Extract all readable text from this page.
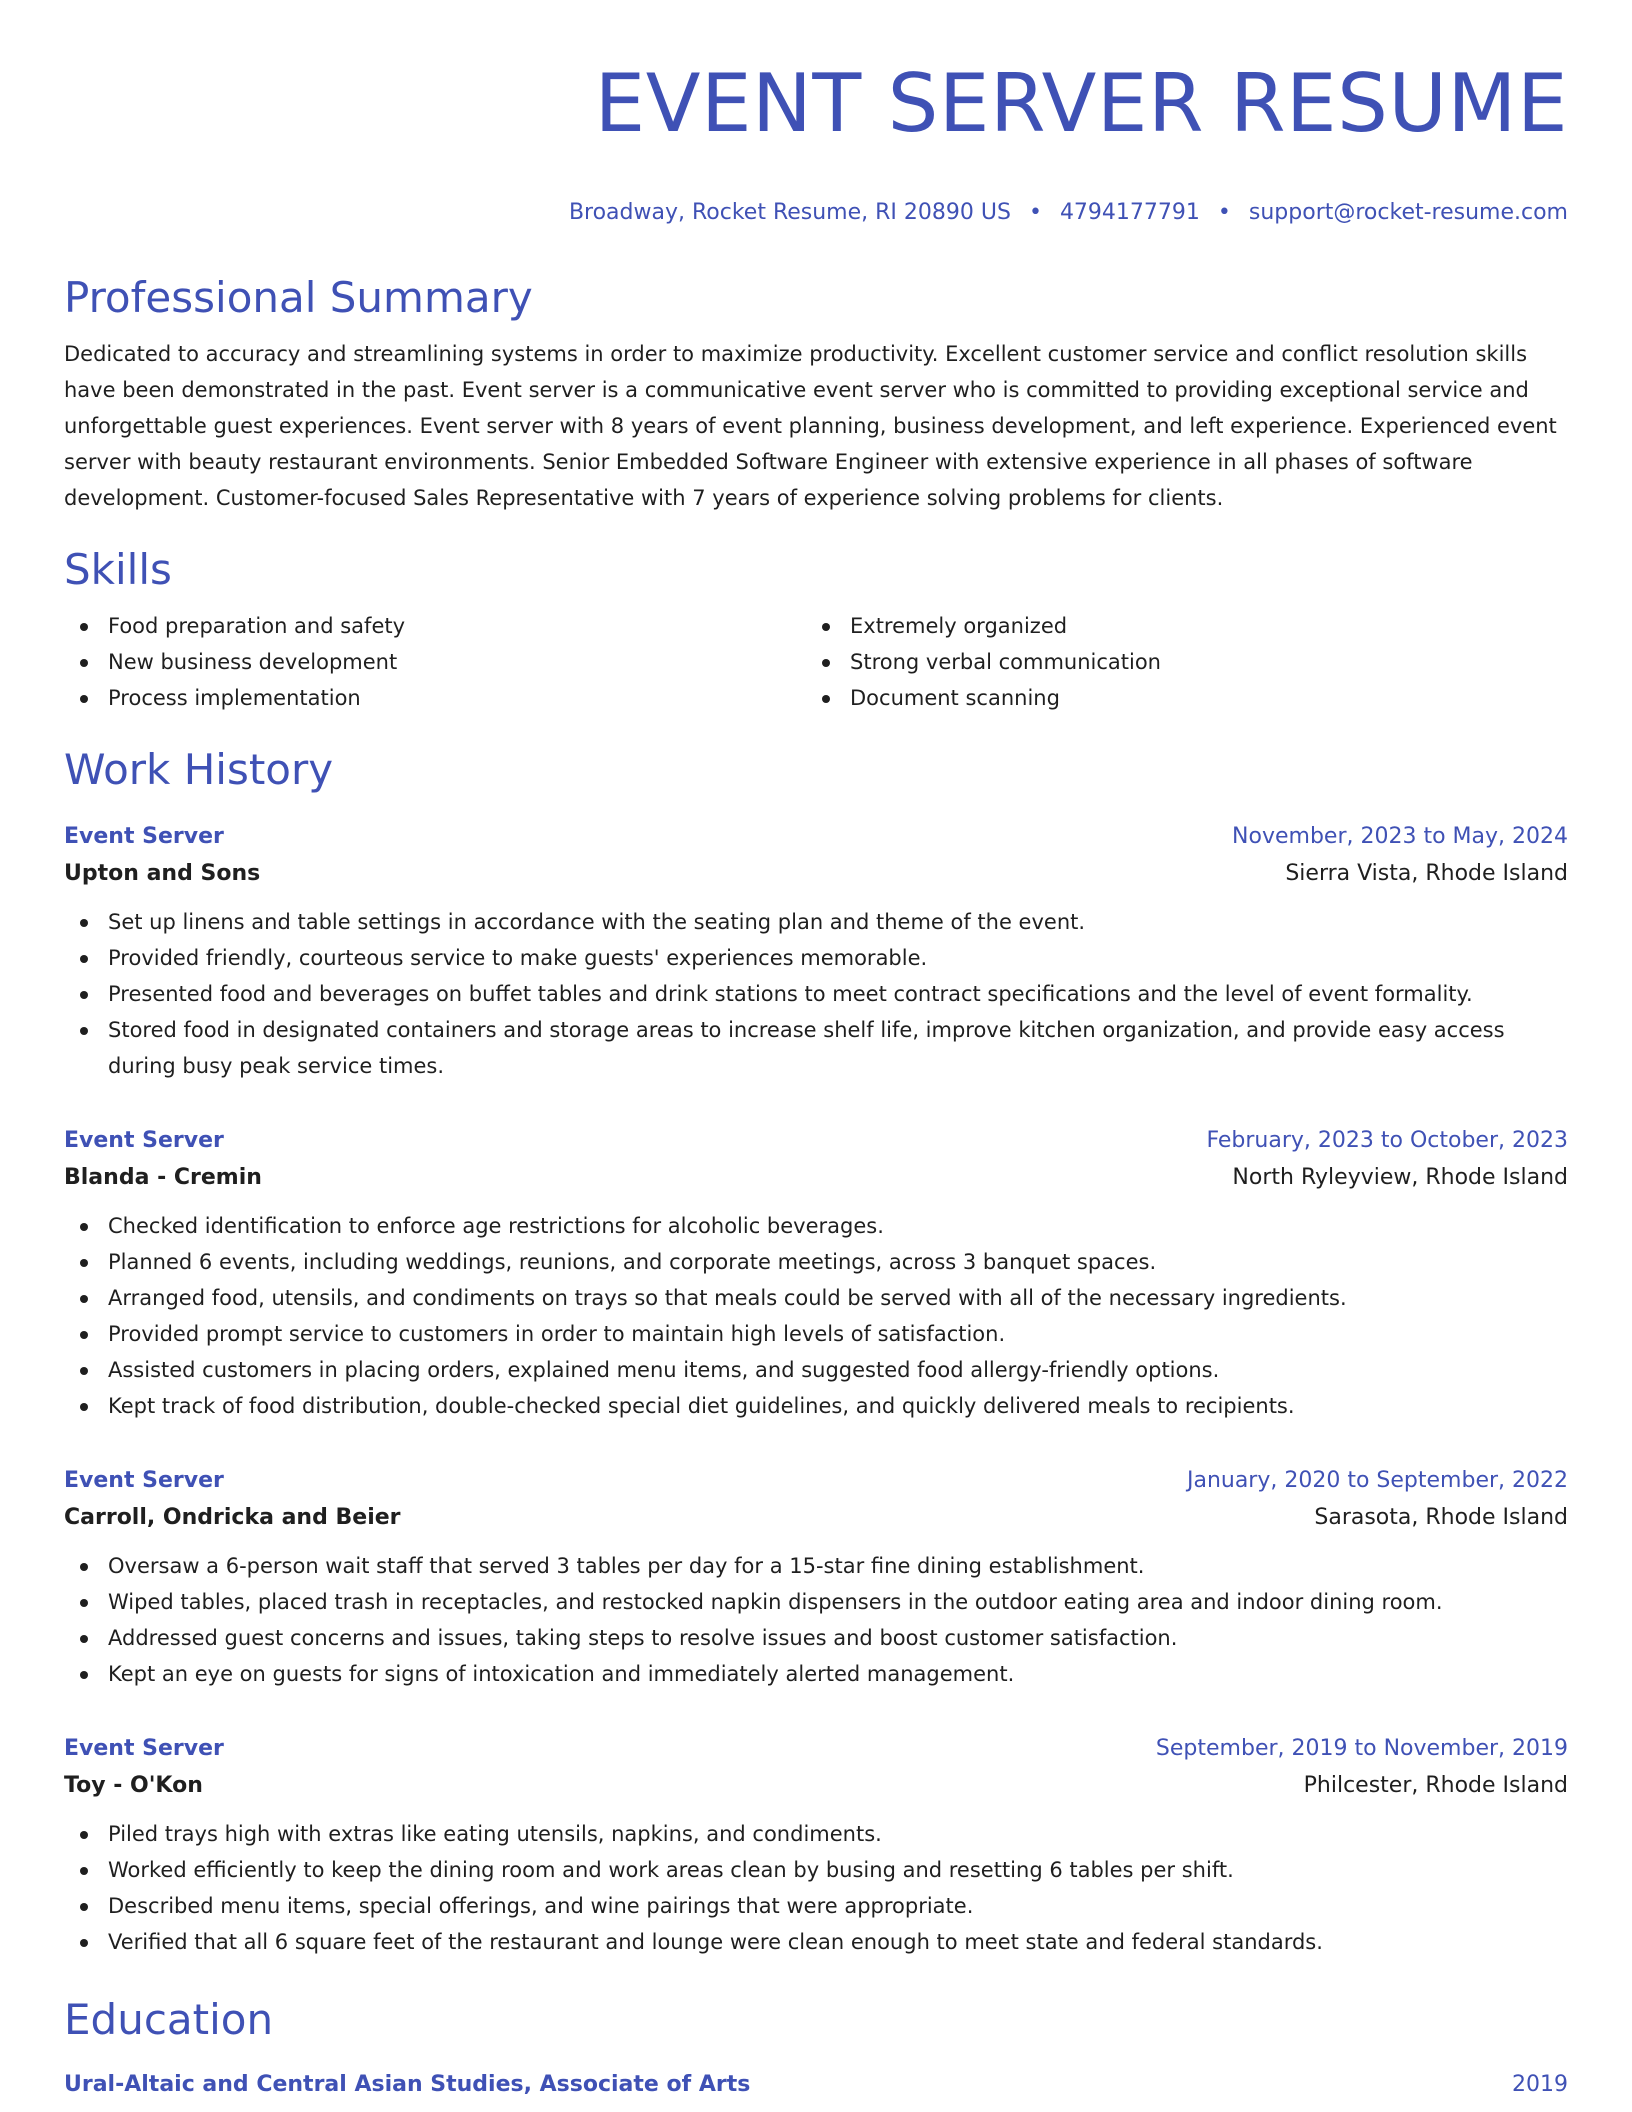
EVENT SERVER RESUME
Broadway, Rocket Resume, RI 20890 US • 4794177791 • support@rocket-resume.com
Professional Summary
Dedicated to accuracy and streamlining systems in order to maximize productivity. Excellent customer service and conflict resolution skills have been demonstrated in the past. Event server is a communicative event server who is committed to providing exceptional service and unforgettable guest experiences. Event server with 8 years of event planning, business development, and left experience. Experienced event server with beauty restaurant environments. Senior Embedded Software Engineer with extensive experience in all phases of software development. Customer-focused Sales Representative with 7 years of experience solving problems for clients.
Skills
Food preparation and safety
New business development
Process implementation
Extremely organized
Strong verbal communication
Document scanning
Work History
Event Server	November, 2023 to May, 2024
Upton and Sons	Sierra Vista, Rhode Island
Set up linens and table settings in accordance with the seating plan and theme of the event.
Provided friendly, courteous service to make guests' experiences memorable.
Presented food and beverages on buffet tables and drink stations to meet contract specifications and the level of event formality.
Stored food in designated containers and storage areas to increase shelf life, improve kitchen organization, and provide easy access during busy peak service times.
Event Server	February, 2023 to October, 2023
Blanda - Cremin	North Ryleyview, Rhode Island
Checked identification to enforce age restrictions for alcoholic beverages.
Planned 6 events, including weddings, reunions, and corporate meetings, across 3 banquet spaces.
Arranged food, utensils, and condiments on trays so that meals could be served with all of the necessary ingredients.
Provided prompt service to customers in order to maintain high levels of satisfaction.
Assisted customers in placing orders, explained menu items, and suggested food allergy-friendly options.
Kept track of food distribution, double-checked special diet guidelines, and quickly delivered meals to recipients.
Event Server	January, 2020 to September, 2022
Carroll, Ondricka and Beier	Sarasota, Rhode Island
Oversaw a 6-person wait staff that served 3 tables per day for a 15-star fine dining establishment.
Wiped tables, placed trash in receptacles, and restocked napkin dispensers in the outdoor eating area and indoor dining room.
Addressed guest concerns and issues, taking steps to resolve issues and boost customer satisfaction.
Kept an eye on guests for signs of intoxication and immediately alerted management.
Event Server	September, 2019 to November, 2019
Toy - O'Kon	Philcester, Rhode Island
Piled trays high with extras like eating utensils, napkins, and condiments.
Worked efficiently to keep the dining room and work areas clean by busing and resetting 6 tables per shift.
Described menu items, special offerings, and wine pairings that were appropriate.
Verified that all 6 square feet of the restaurant and lounge were clean enough to meet state and federal standards.
Education
Ural-Altaic and Central Asian Studies, Associate of Arts	2019
